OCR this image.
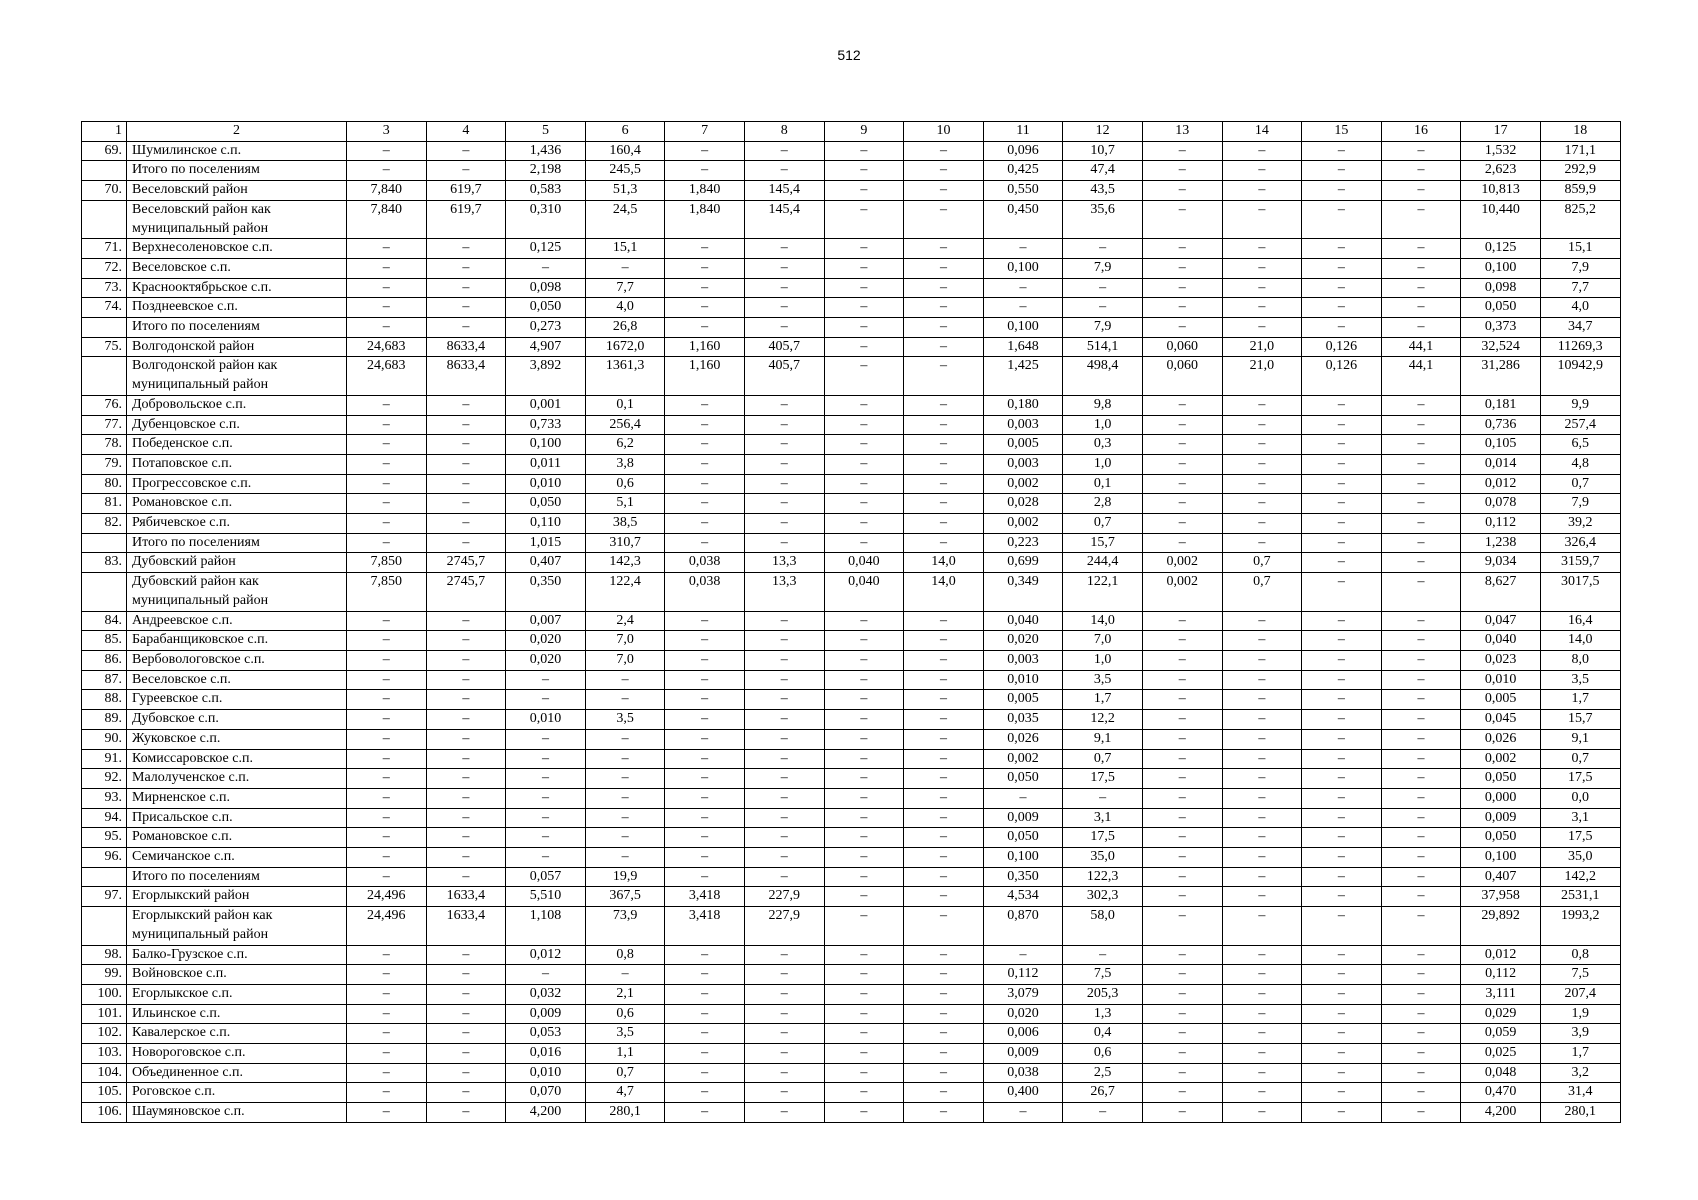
512
1	2	3	4	5	6	7	8	9	10	11	12	13	14	15	16	17	18
69.	Шумилинское с.п.	–	–	1,436	160,4	–	–	–	–	0,096	10,7	–	–	–	–	1,532	171,1
	Итого по поселениям	–	–	2,198	245,5	–	–	–	–	0,425	47,4	–	–	–	–	2,623	292,9
70.	Веселовский район	7,840	619,7	0,583	51,3	1,840	145,4	–	–	0,550	43,5	–	–	–	–	10,813	859,9
	Веселовский район как муниципальный район	7,840	619,7	0,310	24,5	1,840	145,4	–	–	0,450	35,6	–	–	–	–	10,440	825,2
71.	Верхнесоленовское с.п.	–	–	0,125	15,1	–	–	–	–	–	–	–	–	–	–	0,125	15,1
72.	Веселовское с.п.	–	–	–	–	–	–	–	–	0,100	7,9	–	–	–	–	0,100	7,9
73.	Краснооктябрьское с.п.	–	–	0,098	7,7	–	–	–	–	–	–	–	–	–	–	0,098	7,7
74.	Позднеевское с.п.	–	–	0,050	4,0	–	–	–	–	–	–	–	–	–	–	0,050	4,0
	Итого по поселениям	–	–	0,273	26,8	–	–	–	–	0,100	7,9	–	–	–	–	0,373	34,7
75.	Волгодонской район	24,683	8633,4	4,907	1672,0	1,160	405,7	–	–	1,648	514,1	0,060	21,0	0,126	44,1	32,524	11269,3
	Волгодонской район как муниципальный район	24,683	8633,4	3,892	1361,3	1,160	405,7	–	–	1,425	498,4	0,060	21,0	0,126	44,1	31,286	10942,9
76.	Добровольское с.п.	–	–	0,001	0,1	–	–	–	–	0,180	9,8	–	–	–	–	0,181	9,9
77.	Дубенцовское с.п.	–	–	0,733	256,4	–	–	–	–	0,003	1,0	–	–	–	–	0,736	257,4
78.	Победенское с.п.	–	–	0,100	6,2	–	–	–	–	0,005	0,3	–	–	–	–	0,105	6,5
79.	Потаповское с.п.	–	–	0,011	3,8	–	–	–	–	0,003	1,0	–	–	–	–	0,014	4,8
80.	Прогрессовское с.п.	–	–	0,010	0,6	–	–	–	–	0,002	0,1	–	–	–	–	0,012	0,7
81.	Романовское с.п.	–	–	0,050	5,1	–	–	–	–	0,028	2,8	–	–	–	–	0,078	7,9
82.	Рябичевское с.п.	–	–	0,110	38,5	–	–	–	–	0,002	0,7	–	–	–	–	0,112	39,2
	Итого по поселениям	–	–	1,015	310,7	–	–	–	–	0,223	15,7	–	–	–	–	1,238	326,4
83.	Дубовский район	7,850	2745,7	0,407	142,3	0,038	13,3	0,040	14,0	0,699	244,4	0,002	0,7	–	–	9,034	3159,7
	Дубовский район как муниципальный район	7,850	2745,7	0,350	122,4	0,038	13,3	0,040	14,0	0,349	122,1	0,002	0,7	–	–	8,627	3017,5
84.	Андреевское с.п.	–	–	0,007	2,4	–	–	–	–	0,040	14,0	–	–	–	–	0,047	16,4
85.	Барабанщиковское с.п.	–	–	0,020	7,0	–	–	–	–	0,020	7,0	–	–	–	–	0,040	14,0
86.	Вербовологовское с.п.	–	–	0,020	7,0	–	–	–	–	0,003	1,0	–	–	–	–	0,023	8,0
87.	Веселовское с.п.	–	–	–	–	–	–	–	–	0,010	3,5	–	–	–	–	0,010	3,5
88.	Гуреевское с.п.	–	–	–	–	–	–	–	–	0,005	1,7	–	–	–	–	0,005	1,7
89.	Дубовское с.п.	–	–	0,010	3,5	–	–	–	–	0,035	12,2	–	–	–	–	0,045	15,7
90.	Жуковское с.п.	–	–	–	–	–	–	–	–	0,026	9,1	–	–	–	–	0,026	9,1
91.	Комиссаровское с.п.	–	–	–	–	–	–	–	–	0,002	0,7	–	–	–	–	0,002	0,7
92.	Малолученское с.п.	–	–	–	–	–	–	–	–	0,050	17,5	–	–	–	–	0,050	17,5
93.	Мирненское с.п.	–	–	–	–	–	–	–	–	–	–	–	–	–	–	0,000	0,0
94.	Присальское с.п.	–	–	–	–	–	–	–	–	0,009	3,1	–	–	–	–	0,009	3,1
95.	Романовское с.п.	–	–	–	–	–	–	–	–	0,050	17,5	–	–	–	–	0,050	17,5
96.	Семичанское с.п.	–	–	–	–	–	–	–	–	0,100	35,0	–	–	–	–	0,100	35,0
	Итого по поселениям	–	–	0,057	19,9	–	–	–	–	0,350	122,3	–	–	–	–	0,407	142,2
97.	Егорлыкский район	24,496	1633,4	5,510	367,5	3,418	227,9	–	–	4,534	302,3	–	–	–	–	37,958	2531,1
	Егорлыкский район как муниципальный район	24,496	1633,4	1,108	73,9	3,418	227,9	–	–	0,870	58,0	–	–	–	–	29,892	1993,2
98.	Балко-Грузское с.п.	–	–	0,012	0,8	–	–	–	–	–	–	–	–	–	–	0,012	0,8
99.	Войновское с.п.	–	–	–	–	–	–	–	–	0,112	7,5	–	–	–	–	0,112	7,5
100.	Егорлыкское с.п.	–	–	0,032	2,1	–	–	–	–	3,079	205,3	–	–	–	–	3,111	207,4
101.	Ильинское с.п.	–	–	0,009	0,6	–	–	–	–	0,020	1,3	–	–	–	–	0,029	1,9
102.	Кавалерское с.п.	–	–	0,053	3,5	–	–	–	–	0,006	0,4	–	–	–	–	0,059	3,9
103.	Новороговское с.п.	–	–	0,016	1,1	–	–	–	–	0,009	0,6	–	–	–	–	0,025	1,7
104.	Объединенное с.п.	–	–	0,010	0,7	–	–	–	–	0,038	2,5	–	–	–	–	0,048	3,2
105.	Роговское с.п.	–	–	0,070	4,7	–	–	–	–	0,400	26,7	–	–	–	–	0,470	31,4
106.	Шаумяновское с.п.	–	–	4,200	280,1	–	–	–	–	–	–	–	–	–	–	4,200	280,1
